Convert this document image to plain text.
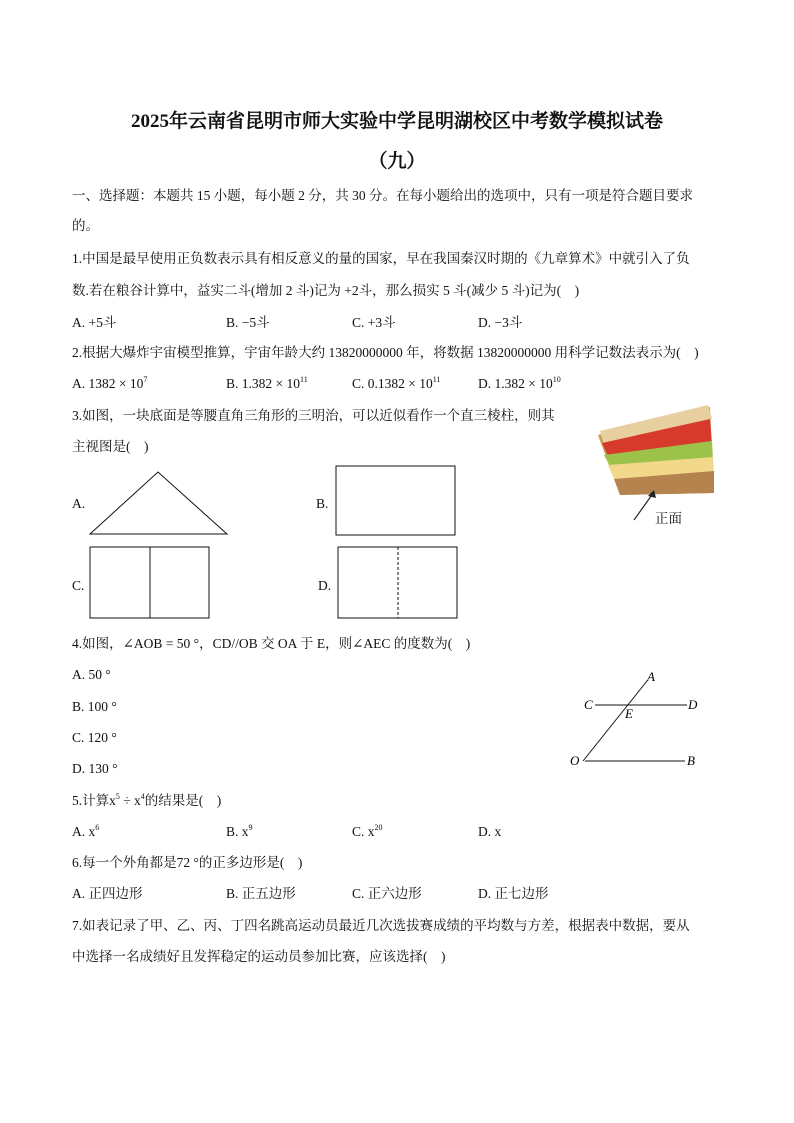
2025年云南省昆明市师大实验中学昆明湖校区中考数学模拟试卷
（九）
一、选择题：本题共 15 小题，每小题 2 分，共 30 分。在每小题给出的选项中，只有一项是符合题目要求
的。
1.中国是最早使用正负数表示具有相反意义的量的国家，早在我国秦汉时期的《九章算术》中就引入了负
数.若在粮谷计算中，益实二斗(增加 2 斗)记为 +2斗，那么损实 5 斗(减少 5 斗)记为(　)
A. +5斗	B. −5斗	C. +3斗	D. −3斗
2.根据大爆炸宇宙模型推算，宇宙年龄大约 13820000000 年，将数据 13820000000 用科学记数法表示为(　)
A. $1382 \times 10^7$	B. $1.382 \times 10^{11}$	C. $0.1382 \times 10^{11}$	D. $1.382 \times 10^{10}$
3.如图，一块底面是等腰直角三角形的三明治，可以近似看作一个直三棱柱，则其
主视图是(　)
正面
A.	B.
C.	D.
4.如图，∠AOB = 50 °，CD//OB 交 OA 于 E，则∠AEC 的度数为(　)
A. 50 °
B. 100 °
C. 120 °
D. 130 °
A
C	D
E
O	B
5.计算$x^5 \div x^4$的结果是(　)
A. $x^6$	B. $x^9$	C. $x^{20}$	D. x
6.每一个外角都是72 °的正多边形是(　)
A. 正四边形	B. 正五边形	C. 正六边形	D. 正七边形
7.如表记录了甲、乙、丙、丁四名跳高运动员最近几次选拔赛成绩的平均数与方差，根据表中数据，要从
中选择一名成绩好且发挥稳定的运动员参加比赛，应该选择(　)
